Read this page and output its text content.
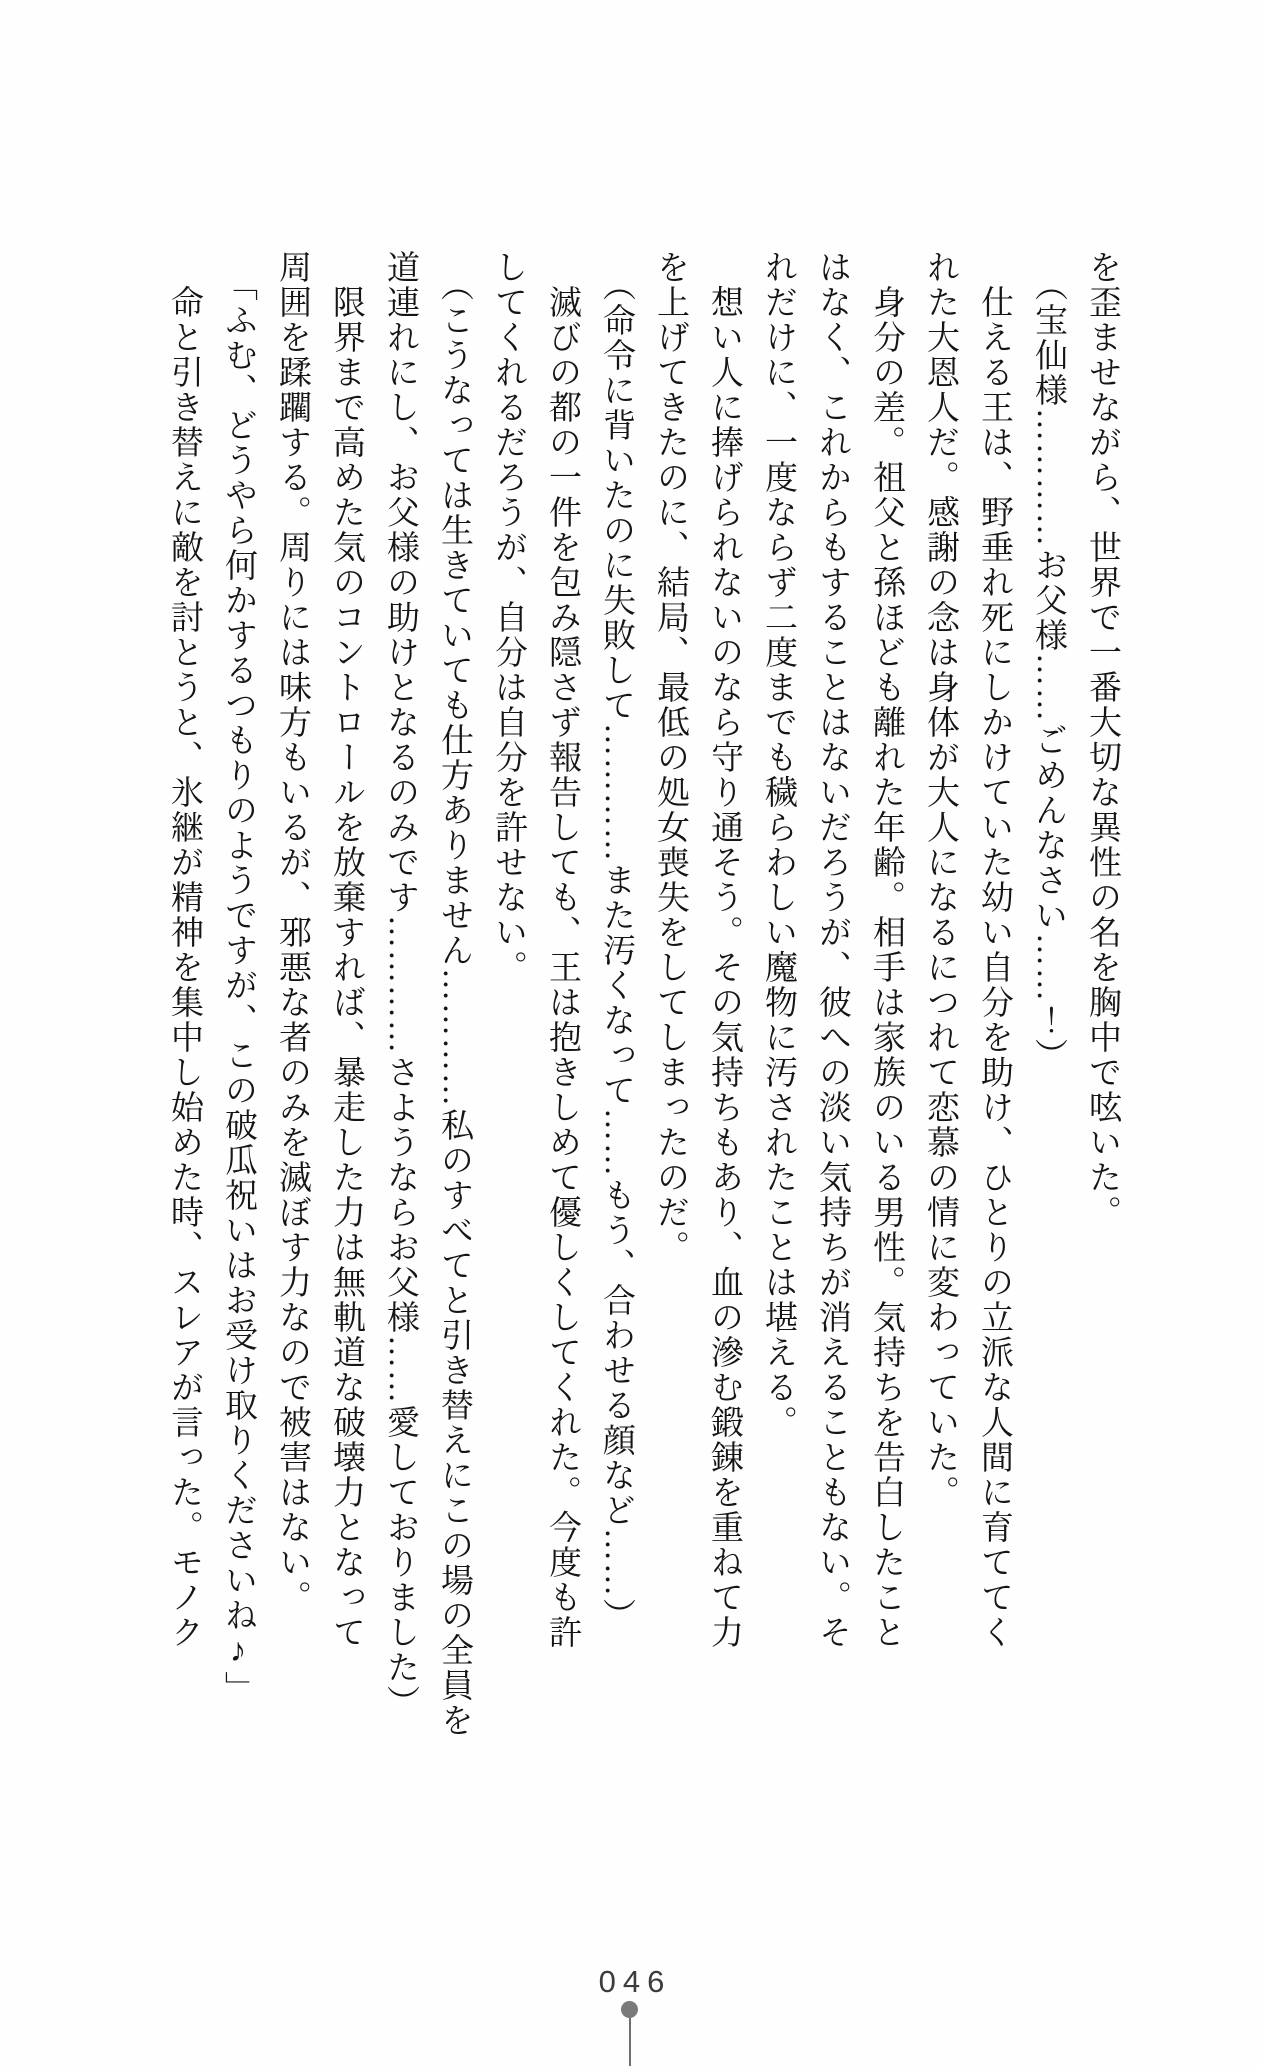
を歪ませながら、世界で一番大切な異性の名を胸中で呟いた。
（宝仙様…………お父様……ごめんなさい……！）
仕える王は、野垂れ死にしかけていた幼い自分を助け、ひとりの立派な人間に育ててく
れた大恩人だ。感謝の念は身体が大人になるにつれて恋慕の情に変わっていた。
身分の差。祖父と孫ほども離れた年齢。相手は家族のいる男性。気持ちを告白したこと
はなく、これからもすることはないだろうが、彼への淡い気持ちが消えることもない。そ
れだけに、一度ならず二度までも穢らわしい魔物に汚されたことは堪える。
想い人に捧げられないのなら守り通そう。その気持ちもあり、血の滲む鍛錬を重ねて力
を上げてきたのに、結局、最低の処女喪失をしてしまったのだ。
（命令に背いたのに失敗して…………また汚くなって……もう、合わせる顔など……）
滅びの都の一件を包み隠さず報告しても、王は抱きしめて優しくしてくれた。今度も許
してくれるだろうが、自分は自分を許せない。
（こうなっては生きていても仕方ありません…………私のすべてと引き替えにこの場の全員を
道連れにし、お父様の助けとなるのみです…………さようならお父様……愛しておりました）
限界まで高めた気のコントロールを放棄すれば、暴走した力は無軌道な破壊力となって
周囲を蹂躙する。周りには味方もいるが、邪悪な者のみを滅ぼす力なので被害はない。
「ふむ、どうやら何かするつもりのようですが、この破瓜祝いはお受け取りくださいね♪」
命と引き替えに敵を討とうと、氷継が精神を集中し始めた時、スレアが言った。モノク
046
